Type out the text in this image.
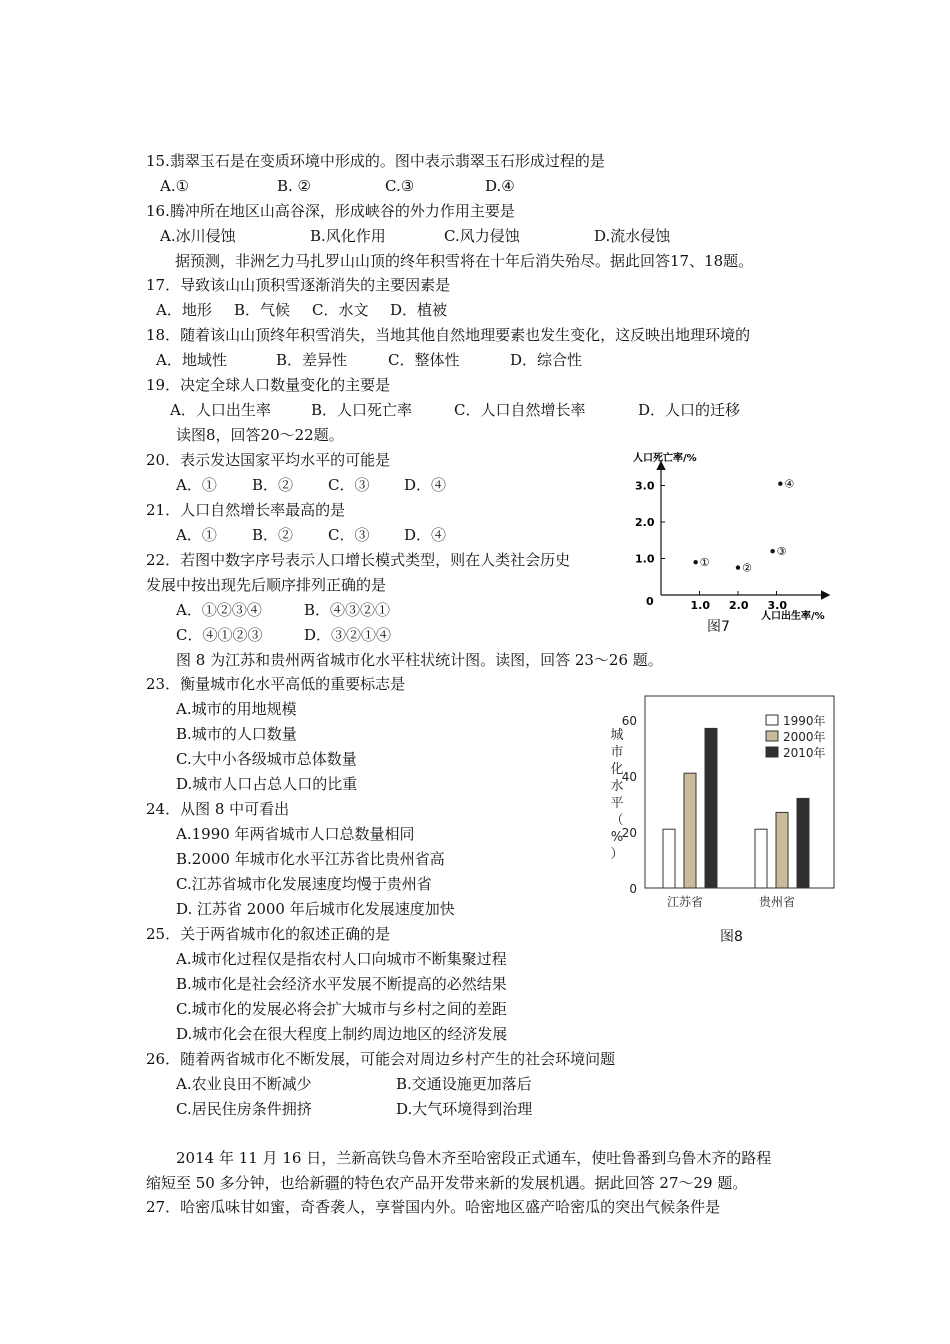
15.翡翠玉石是在变质环境中形成的。图中表示翡翠玉石形成过程的是
A.①	B. ②	C.③	D.④
16.腾冲所在地区山高谷深，形成峡谷的外力作用主要是
A.冰川侵蚀	B.风化作用	C.风力侵蚀	D.流水侵蚀
据预测，非洲乞力马扎罗山山顶的终年积雪将在十年后消失殆尽。据此回答17、18题。
17．导致该山山顶积雪逐渐消失的主要因素是
A．地形 B．气候 C．水文 D．植被
18．随着该山山顶终年积雪消失，当地其他自然地理要素也发生变化，这反映出地理环境的
A．地域性	B．差异性	C．整体性	D．综合性
19．决定全球人口数量变化的主要是
A．人口出生率	B．人口死亡率	C．人口自然增长率	D．人口的迁移
读图8，回答20～22题。
20．表示发达国家平均水平的可能是
A．① B．② C．③ D．④
21．人口自然增长率最高的是
A．① B．② C．③ D．④
22．若图中数字序号表示人口增长模式类型，则在人类社会历史
发展中按出现先后顺序排列正确的是
A．①②③④	B．④③②①
C．④①②③	D．③②①④
人口死亡率/%
人口出生率/%
0	1.0 2.0 3.0
1.0
2.0
3.0
①	②
③
④
图7
图 8 为江苏和贵州两省城市化水平柱状统计图。读图，回答 23～26 题。
23．衡量城市化水平高低的重要标志是
A.城市的用地规模
B.城市的人口数量
C.大中小各级城市总体数量
D.城市人口占总人口的比重
24．从图 8 中可看出
A.1990 年两省城市人口总数量相同
B.2000 年城市化水平江苏省比贵州省高
C.江苏省城市化发展速度均慢于贵州省
D. 江苏省 2000 年后城市化发展速度加快
0
20
40
60
城
市
化
水
平
（
%
）
江苏省	贵州省
1990年
2000年
2010年
图8
25．关于两省城市化的叙述正确的是
A.城市化过程仅是指农村人口向城市不断集聚过程
B.城市化是社会经济水平发展不断提高的必然结果
C.城市化的发展必将会扩大城市与乡村之间的差距
D.城市化会在很大程度上制约周边地区的经济发展
26．随着两省城市化不断发展，可能会对周边乡村产生的社会环境问题
A.农业良田不断减少	B.交通设施更加落后
C.居民住房条件拥挤	D.大气环境得到治理
2014 年 11 月 16 日，兰新高铁乌鲁木齐至哈密段正式通车，使吐鲁番到乌鲁木齐的路程
缩短至 50 多分钟，也给新疆的特色农产品开发带来新的发展机遇。据此回答 27～29 题。
27．哈密瓜味甘如蜜，奇香袭人，享誉国内外。哈密地区盛产哈密瓜的突出气候条件是
